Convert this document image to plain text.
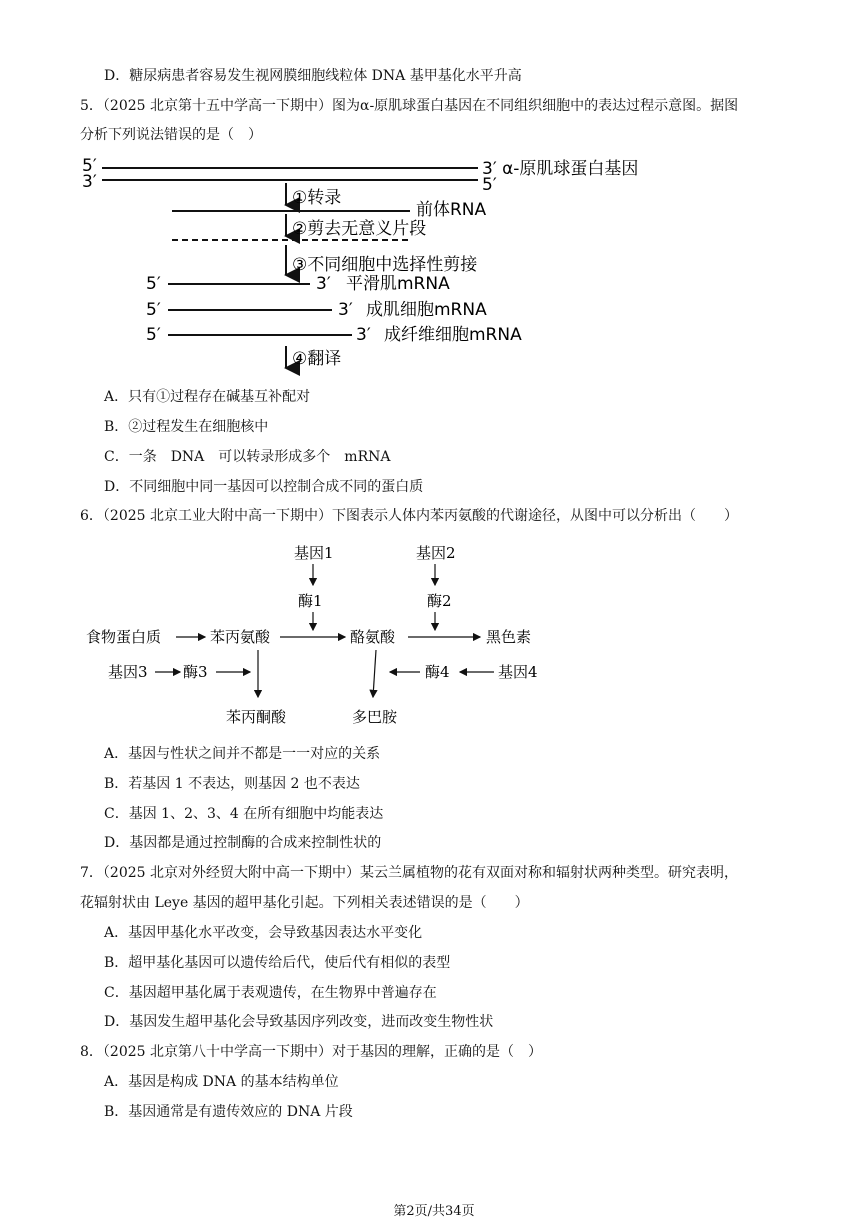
D．糖尿病患者容易发生视网膜细胞线粒体 DNA 基甲基化水平升高
5．（2025 北京第十五中学高一下期中）图为α-原肌球蛋白基因在不同组织细胞中的表达过程示意图。据图
分析下列说法错误的是（　）
5′	3′ α-原肌球蛋白基因
3′	5′
①转录
前体RNA
②剪去无意义片段
③不同细胞中选择性剪接
5′	3′ 平滑肌mRNA
5′	3′ 成肌细胞mRNA
5′	3′ 成纤维细胞mRNA
④翻译
A．只有①过程存在碱基互补配对
B．②过程发生在细胞核中
C．一条　DNA　可以转录形成多个　mRNA
D．不同细胞中同一基因可以控制合成不同的蛋白质
6．（2025 北京工业大附中高一下期中）下图表示人体内苯丙氨酸的代谢途径，从图中可以分析出（　　）
基因1	基因2
酶1	酶2
食物蛋白质	苯丙氨酸	酪氨酸	黑色素
基因3 酶3	酶4	基因4
苯丙酮酸	多巴胺
A．基因与性状之间并不都是一一对应的关系
B．若基因 1 不表达，则基因 2 也不表达
C．基因 1、2、3、4 在所有细胞中均能表达
D．基因都是通过控制酶的合成来控制性状的
7．（2025 北京对外经贸大附中高一下期中）某云兰属植物的花有双面对称和辐射状两种类型。研究表明，
花辐射状由 Leye 基因的超甲基化引起。下列相关表述错误的是（　　）
A．基因甲基化水平改变，会导致基因表达水平变化
B．超甲基化基因可以遗传给后代，使后代有相似的表型
C．基因超甲基化属于表观遗传，在生物界中普遍存在
D．基因发生超甲基化会导致基因序列改变，进而改变生物性状
8．（2025 北京第八十中学高一下期中）对于基因的理解，正确的是（　）
A．基因是构成 DNA 的基本结构单位
B．基因通常是有遗传效应的 DNA 片段
第2页/共34页
